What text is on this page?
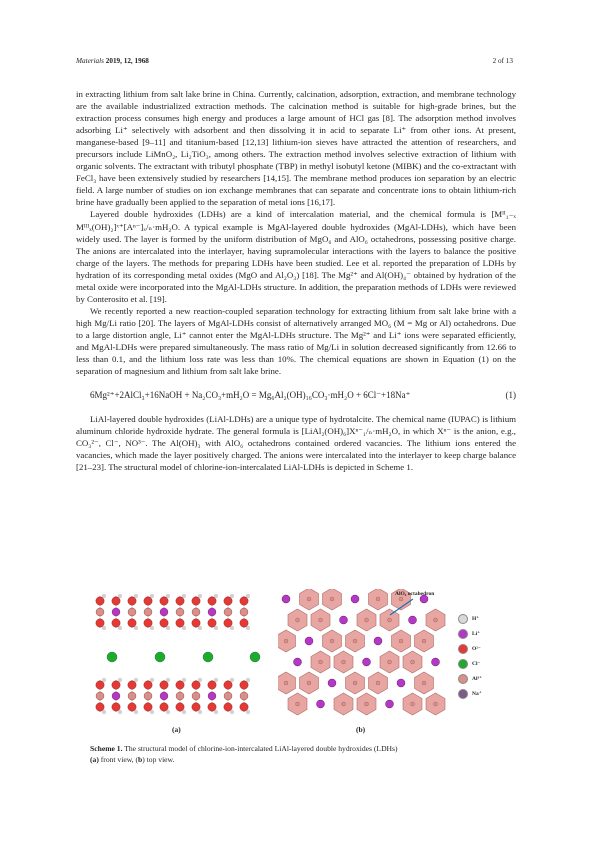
Materials 2019, 12, 1968	2 of 13

in extracting lithium from salt lake brine in China. Currently, calcination, adsorption, extraction, and membrane technology are the available industrialized extraction methods. The calcination method is suitable for high-grade brines, but the extraction process consumes high energy and produces a large amount of HCl gas [8]. The adsorption method involves adsorbing Li⁺ selectively with adsorbent and then dissolving it in acid to separate Li⁺ from other ions. At present, manganese-based [9–11] and titanium-based [12,13] lithium-ion sieves have attracted the attention of researchers, and precursors include LiMnO₂, Li₂TiO₃, among others. The extraction method involves selective extraction of lithium with organic solvents. The extractant with tributyl phosphate (TBP) in methyl isobutyl ketone (MIBK) and the co-extractant with FeCl₃ have been extensively studied by researchers [14,15]. The membrane method produces ion separation by an electric field. A large number of studies on ion exchange membranes that can separate and concentrate ions to obtain lithium-rich brine have gradually been applied to the separation of metal ions [16,17].

Layered double hydroxides (LDHs) are a kind of intercalation material, and the chemical formula is [Mᴵᴵ₁₋ₓ Mᴵᴵᴵₓ(OH)₂]ˣ⁺[Aⁿ⁻]ₓ/ₙ·mH₂O. A typical example is MgAl-layered double hydroxides (MgAl-LDHs), which have been widely used. The layer is formed by the uniform distribution of MgO₆ and AlO₆ octahedrons, possessing positive charge. The anions are intercalated into the interlayer, having supramolecular interactions with the layers to balance the positive charge of the layers. The methods for preparing LDHs have been studied. Lee et al. reported the preparation of LDHs by hydration of its corresponding metal oxides (MgO and Al₂O₃) [18]. The Mg²⁺ and Al(OH)₄⁻ obtained by hydration of the metal oxide were incorporated into the MgAl-LDHs structure. In addition, the preparation methods of LDHs were reviewed by Conterosito et al. [19].

We recently reported a new reaction-coupled separation technology for extracting lithium from salt lake brine with a high Mg/Li ratio [20]. The layers of MgAl-LDHs consist of alternatively arranged MO₆ (M = Mg or Al) octahedrons. Due to a large distortion angle, Li⁺ cannot enter the MgAl-LDHs structure. The Mg²⁺ and Li⁺ ions were separated efficiently, and MgAl-LDHs were prepared simultaneously. The mass ratio of Mg/Li in solution decreased significantly from 12.66 to less than 0.1, and the lithium loss rate was less than 10%. The chemical equations are shown in Equation (1) on the separation of magnesium and lithium from salt lake brine.

6Mg²⁺+2AlCl₃+16NaOH + Na₂CO₃+mH₂O = Mg₆Al₂(OH)₁₆CO₃·mH₂O + 6Cl⁻+18Na⁺	(1)

LiAl-layered double hydroxides (LiAl-LDHs) are a unique type of hydrotalcite. The chemical name (IUPAC) is lithium aluminum chloride hydroxide hydrate. The general formula is [LiAl₂(OH)₆]Xⁿ⁻₁/ₙ·mH₂O, in which Xⁿ⁻ is the anion, e.g., CO₃²⁻, Cl⁻, NO³⁻. The Al(OH)₃ with AlO₆ octahedrons contained ordered vacancies. The lithium ions entered the vacancies, which made the layer positively charged. The anions were intercalated into the interlayer to keep charge balance [21–23]. The structural model of chlorine-ion-intercalated LiAl-LDHs is depicted in Scheme 1.

AlO₆ octahedron
H⁺
Li⁺
O²⁻
Cl⁻
Al³⁺
Na⁺
(a)	(b)
Scheme 1. The structural model of chlorine-ion-intercalated LiAl-layered double hydroxides (LDHs)
(a) front view, (b) top view.
